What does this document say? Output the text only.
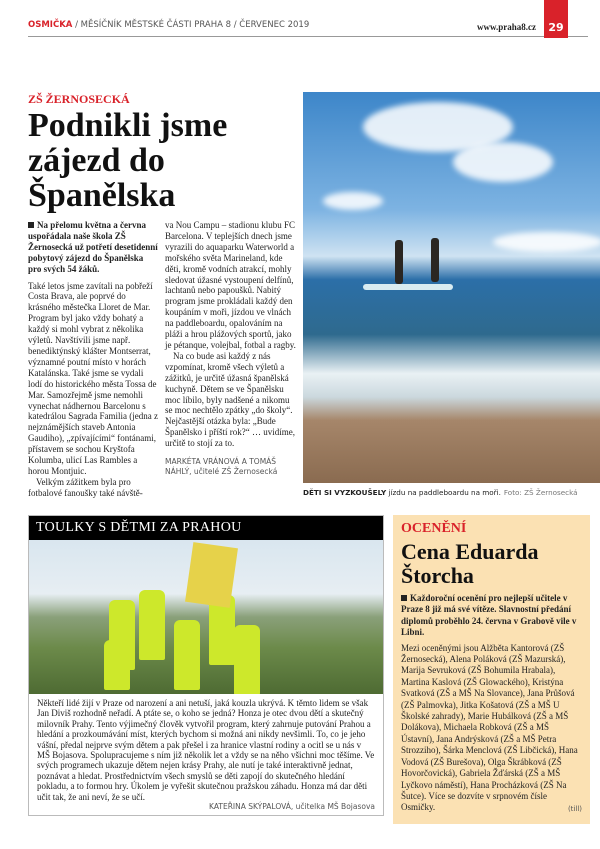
OSMIČKA / MĚSÍČNÍK MĚSTSKÉ ČÁSTI PRAHA 8 / ČERVENEC 2019	www.praha8.cz	29
ZŠ ŽERNOSECKÁ
Podnikli jsme zájezd do Španělska

Na přelomu května a června uspořádala naše škola ZŠ Žernosecká už potřetí desetidenní pobytový zájezd do Španělska pro svých 54 žáků.

Také letos jsme zavítali na pobřeží Costa Brava, ale poprvé do krásného městečka Lloret de Mar. Program byl jako vždy bohatý a každý si mohl vybrat z několika výletů. Navštívili jsme např. benediktýnský klášter Montserrat, významné poutní místo v horách Katalánska. Také jsme se vydali lodí do historického města Tossa de Mar. Samozřejmě jsme nemohli vynechat nádhernou Barcelonu s katedrálou Sagrada Familia (jedna z nejznámějších staveb Antonia Gaudiho), „zpívajícími“ fontánami, přístavem se sochou Kryštofa Kolumba, ulicí Las Rambles a horou Montjuic.

Velkým zážitkem byla pro fotbalové fanoušky také návště-

va Nou Campu – stadionu klubu FC Barcelona. V teplejších dnech jsme vyrazili do aquaparku Waterworld a mořského světa Marineland, kde děti, kromě vodních atrakcí, mohly sledovat úžasné vystoupení delfínů, lachtanů nebo papoušků. Nabitý program jsme prokládali každý den koupáním v moři, jízdou ve vlnách na paddleboardu, opalováním na pláži a hrou plážových sportů, jako je pétanque, volejbal, fotbal a ragby.

Na co bude asi každý z nás vzpomínat, kromě všech výletů a zážitků, je určitě úžasná španělská kuchyně. Dětem se ve Španělsku moc líbilo, byly nadšené a nikomu se moc nechtělo zpátky „do školy“. Nejčastější otázka byla: „Bude Španělsko i příští rok?“ … uvidíme, určitě to stojí za to.

MARKÉTA VRÁNOVÁ A TOMÁŠ NÁHLÝ, učitelé ZŠ Žernosecká

DĚTI SI VYZKOUŠELY jízdu na paddleboardu na moři. Foto: ZŠ Žernosecká
TOULKY S DĚTMI ZA PRAHOU

Někteří lidé žijí v Praze od narození a ani netuší, jaká kouzla ukrývá. K těmto lidem se však Jan Diviš rozhodně neřadí. A ptáte se, o koho se jedná? Honza je otec dvou dětí a skutečný milovník Prahy. Tento výjimečný člověk vytvořil program, který zahrnuje putování Prahou a hledání a prozkoumávání míst, kterých bychom si možná ani nikdy nevšimli. To, co je jeho vášní, předal nejprve svým dětem a pak přešel i za hranice vlastní rodiny a ocitl se u nás v MŠ Bojasova. Spolupracujeme s ním již několik let a vždy se na něho všichni moc těšíme. Ve svých programech ukazuje dětem nejen krásy Prahy, ale nutí je také interaktivně jednat, poznávat a hledat. Prostřednictvím všech smyslů se děti zapojí do skutečného hledání pokladu, a to formou hry. Úkolem je vyřešit skutečnou pražskou záhadu. Honza má dar děti učit tak, že ani neví, že se učí.

KATEŘINA SKÝPALOVÁ, učitelka MŠ Bojasova

OCENĚNÍ
Cena Eduarda Štorcha

Každoroční ocenění pro nejlepší učitele v Praze 8 již má své vítěze. Slavnostní předání diplomů proběhlo 24. června v Grabově vile v Libni.

Mezi oceněnými jsou Alžběta Kantorová (ZŠ Žernosecká), Alena Poláková (ZŠ Mazurská), Marija Sevruková (ZŠ Bohumila Hrabala), Martina Kaslová (ZŠ Glowackého), Kristýna Svatková (ZŠ a MŠ Na Slovance), Jana Průšová (ZŠ Palmovka), Jitka Košatová (ZŠ a MŠ U Školské zahrady), Marie Hubálková (ZŠ a MŠ Dolákova), Michaela Robková (ZŠ a MŠ Ústavní), Jana Andrýsková (ZŠ a MŠ Petra Strozziho), Šárka Menclová (ZŠ Libčická), Hana Vodová (ZŠ Burešova), Olga Škrábková (ZŠ Hovorčovická), Gabriela Žďárská (ZŠ a MŠ Lyčkovo náměstí), Hana Procházková (ZŠ Na Šutce). Více se dozvíte v srpnovém čísle Osmičky.	(till)
